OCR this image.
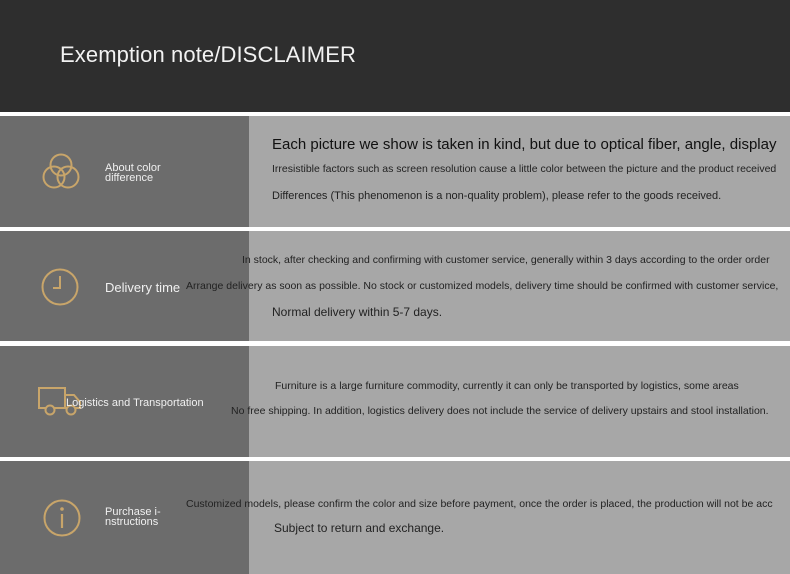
Exemption note/DISCLAIMER
About color
difference
Each picture we show is taken in kind, but due to optical fiber, angle, display
Irresistible factors such as screen resolution cause a little color between the picture and the product received
Differences (This phenomenon is a non-quality problem), please refer to the goods received.
Delivery time
In stock, after checking and confirming with customer service, generally within 3 days according to the order order
Arrange delivery as soon as possible. No stock or customized models, delivery time should be confirmed with customer service,
Normal delivery within 5-7 days.
Logistics and Transportation
Furniture is a large furniture commodity, currently it can only be transported by logistics, some areas
No free shipping. In addition, logistics delivery does not include the service of delivery upstairs and stool installation.
Purchase i-
nstructions
Customized models, please confirm the color and size before payment, once the order is placed, the production will not be acc
Subject to return and exchange.
